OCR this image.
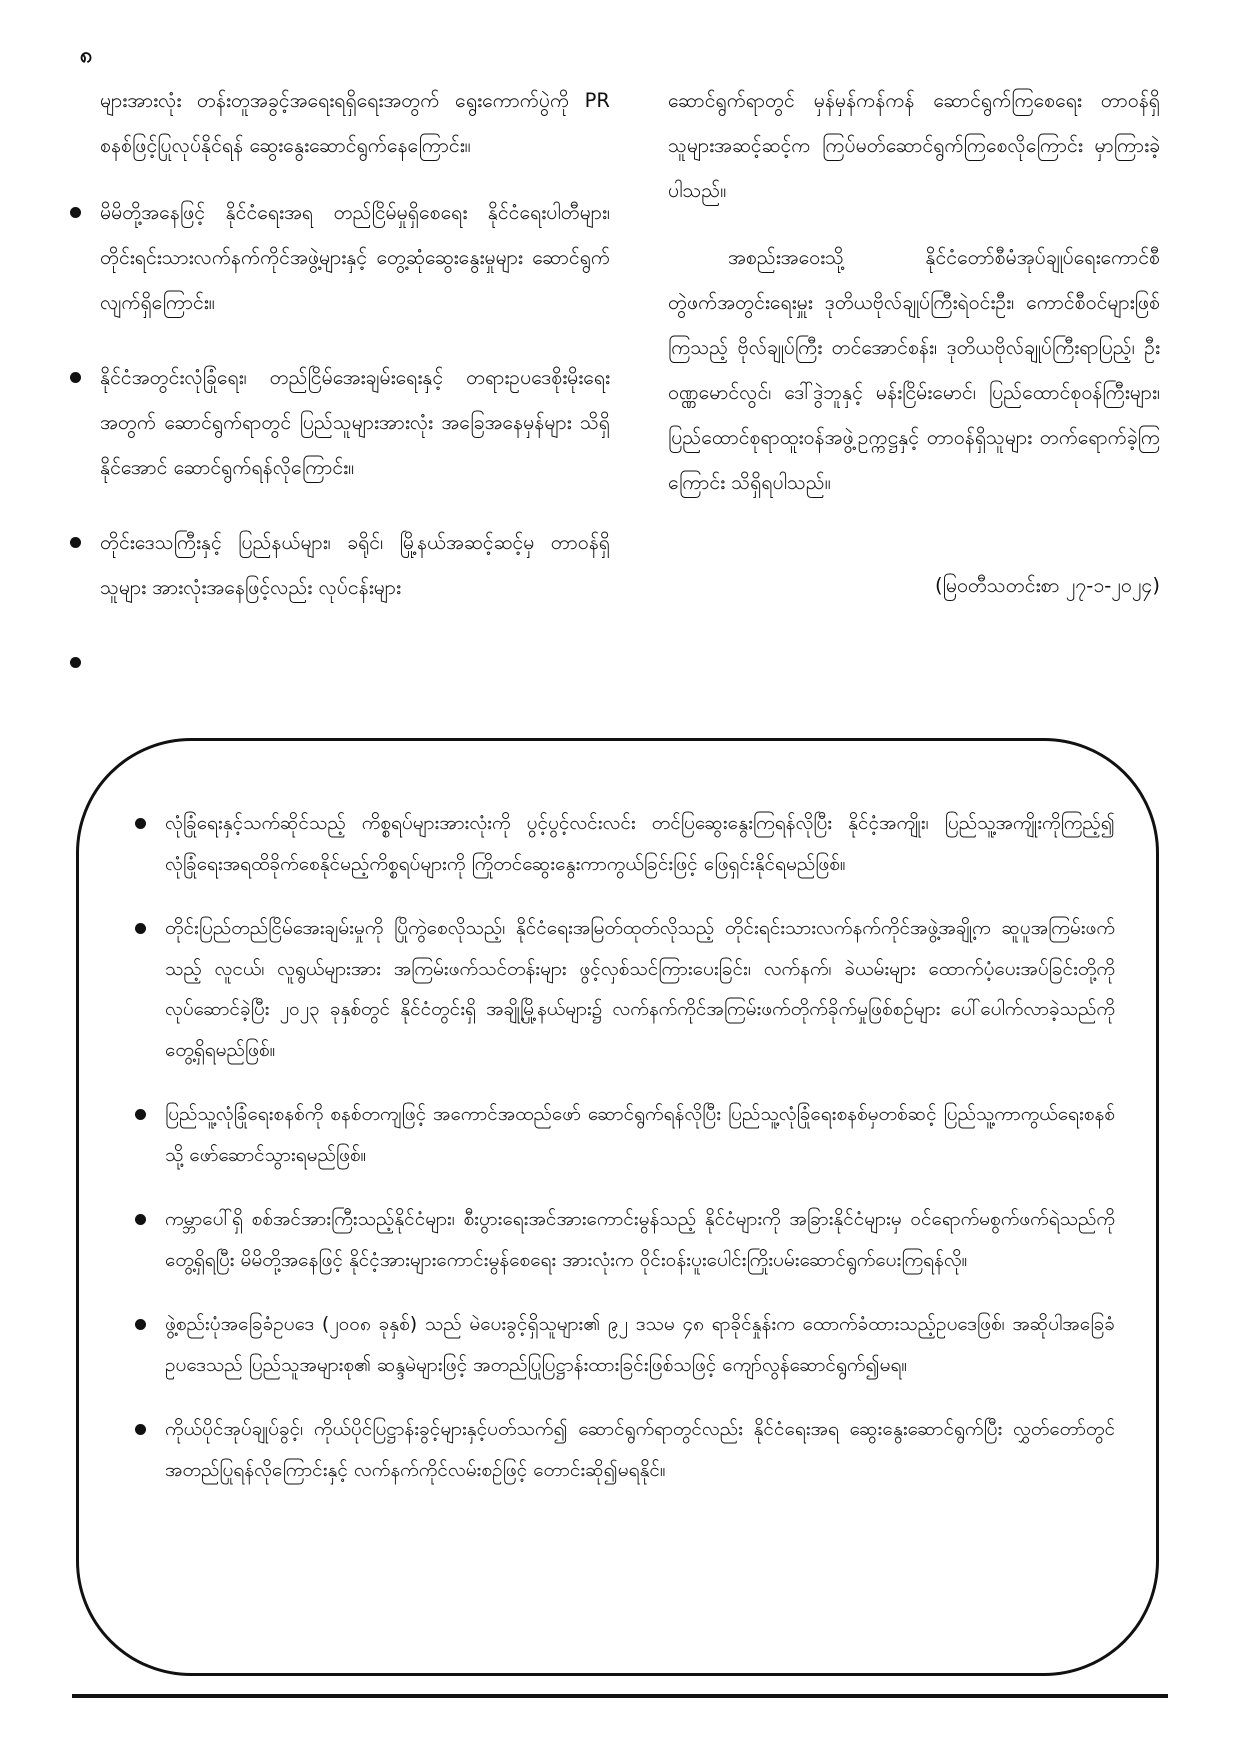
၈

များအားလုံး တန်းတူအခွင့်အရေးရရှိရေးအတွက် ရွေးကောက်ပွဲကို PR စနစ်ဖြင့်ပြုလုပ်နိုင်ရန် ဆွေးနွေးဆောင်ရွက်နေကြောင်း။

မိမိတို့အနေဖြင့် နိုင်ငံရေးအရ တည်ငြိမ်မှုရှိစေရေး နိုင်ငံရေးပါတီများ၊ တိုင်းရင်းသားလက်နက်ကိုင်အဖွဲ့များနှင့် တွေ့ဆုံဆွေးနွေးမှုများ ဆောင်ရွက်လျက်ရှိကြောင်း။
နိုင်ငံအတွင်းလုံခြုံရေး၊ တည်ငြိမ်အေးချမ်းရေးနှင့် တရားဥပဒေစိုးမိုးရေးအတွက် ဆောင်ရွက်ရာတွင် ပြည်သူများအားလုံး အခြေအနေမှန်များ သိရှိနိုင်အောင် ဆောင်ရွက်ရန်လိုကြောင်း။
တိုင်းဒေသကြီးနှင့် ပြည်နယ်များ၊ ခရိုင်၊ မြို့နယ်အဆင့်ဆင့်မှ တာဝန်ရှိသူများ အားလုံးအနေဖြင့်လည်း လုပ်ငန်းများ

ဆောင်ရွက်ရာတွင် မှန်မှန်ကန်ကန် ဆောင်ရွက်ကြစေရေး တာဝန်ရှိသူများအဆင့်ဆင့်က ကြပ်မတ်ဆောင်ရွက်ကြစေလိုကြောင်း မှာကြားခဲ့ပါသည်။

အစည်းအဝေးသို့ နိုင်ငံတော်စီမံအုပ်ချုပ်ရေးကောင်စီတွဲဖက်အတွင်းရေးမှူး ဒုတိယဗိုလ်ချုပ်ကြီးရဲဝင်းဦး၊ ကောင်စီဝင်များဖြစ်ကြသည့် ဗိုလ်ချုပ်ကြီး တင်အောင်စန်း၊ ဒုတိယဗိုလ်ချုပ်ကြီးရာပြည့်၊ ဦးဝဏ္ဏမောင်လွင်၊ ဒေါ်ဒွဲဘူနှင့် မန်းငြိမ်းမောင်၊ ပြည်ထောင်စုဝန်ကြီးများ၊ ပြည်ထောင်စုရာထူးဝန်အဖွဲ့ဥက္ကဋ္ဌနှင့် တာဝန်ရှိသူများ တက်ရောက်ခဲ့ကြကြောင်း သိရှိရပါသည်။

(မြဝတီသတင်းစာ ၂၇-၁-၂၀၂၄)

လုံခြုံရေးနှင့်သက်ဆိုင်သည့် ကိစ္စရပ်များအားလုံးကို ပွင့်ပွင့်လင်းလင်း တင်ပြဆွေးနွေးကြရန်လိုပြီး နိုင်ငံ့အကျိုး၊ ပြည်သူ့အကျိုးကိုကြည့်၍ လုံခြုံရေးအရထိခိုက်စေနိုင်မည့်ကိစ္စရပ်များကို ကြိုတင်ဆွေးနွေးကာကွယ်ခြင်းဖြင့် ဖြေရှင်းနိုင်ရမည်ဖြစ်။
တိုင်းပြည်တည်ငြိမ်အေးချမ်းမှုကို ပြိုကွဲစေလိုသည့်၊ နိုင်ငံရေးအမြတ်ထုတ်လိုသည့် တိုင်းရင်းသားလက်နက်ကိုင်အဖွဲ့အချို့က ဆူပူအကြမ်းဖက်သည့် လူငယ်၊ လူရွယ်များအား အကြမ်းဖက်သင်တန်းများ ဖွင့်လှစ်သင်ကြားပေးခြင်း၊ လက်နက်၊ ခဲယမ်းများ ထောက်ပံ့ပေးအပ်ခြင်းတို့ကို လုပ်ဆောင်ခဲ့ပြီး ၂၀၂၃ ခုနှစ်တွင် နိုင်ငံတွင်းရှိ အချို့မြို့နယ်များ၌ လက်နက်ကိုင်အကြမ်းဖက်တိုက်ခိုက်မှုဖြစ်စဉ်များ ပေါ်ပေါက်လာခဲ့သည်ကို တွေ့ရှိရမည်ဖြစ်။
ပြည်သူ့လုံခြုံရေးစနစ်ကို စနစ်တကျဖြင့် အကောင်အထည်ဖော် ဆောင်ရွက်ရန်လိုပြီး ပြည်သူ့လုံခြုံရေးစနစ်မှတစ်ဆင့် ပြည်သူ့ကာကွယ်ရေးစနစ်သို့ ဖော်ဆောင်သွားရမည်ဖြစ်။
ကမ္ဘာပေါ်ရှိ စစ်အင်အားကြီးသည့်နိုင်ငံများ၊ စီးပွားရေးအင်အားကောင်းမွန်သည့် နိုင်ငံများကို အခြားနိုင်ငံများမှ ဝင်ရောက်မစွက်ဖက်ရဲသည်ကို တွေ့ရှိရပြီး မိမိတို့အနေဖြင့် နိုင်ငံ့အားများကောင်းမွန်စေရေး အားလုံးက ဝိုင်းဝန်းပူးပေါင်းကြိုးပမ်းဆောင်ရွက်ပေးကြရန်လို။
ဖွဲ့စည်းပုံအခြေခံဥပဒေ (၂၀၀၈ ခုနှစ်) သည် မဲပေးခွင့်ရှိသူများ၏ ၉၂ ဒသမ ၄၈ ရာခိုင်နှုန်းက ထောက်ခံထားသည့်ဥပဒေဖြစ်၊ အဆိုပါအခြေခံဥပဒေသည် ပြည်သူအများစု၏ ဆန္ဒမဲများဖြင့် အတည်ပြုပြဋ္ဌာန်းထားခြင်းဖြစ်သဖြင့် ကျော်လွန်ဆောင်ရွက်၍မရ။
ကိုယ်ပိုင်အုပ်ချုပ်ခွင့်၊ ကိုယ်ပိုင်ပြဋ္ဌာန်းခွင့်များနှင့်ပတ်သက်၍ ဆောင်ရွက်ရာတွင်လည်း နိုင်ငံရေးအရ ဆွေးနွေးဆောင်ရွက်ပြီး လွှတ်တော်တွင်အတည်ပြုရန်လိုကြောင်းနှင့် လက်နက်ကိုင်လမ်းစဉ်ဖြင့် တောင်းဆို၍မရနိုင်။
